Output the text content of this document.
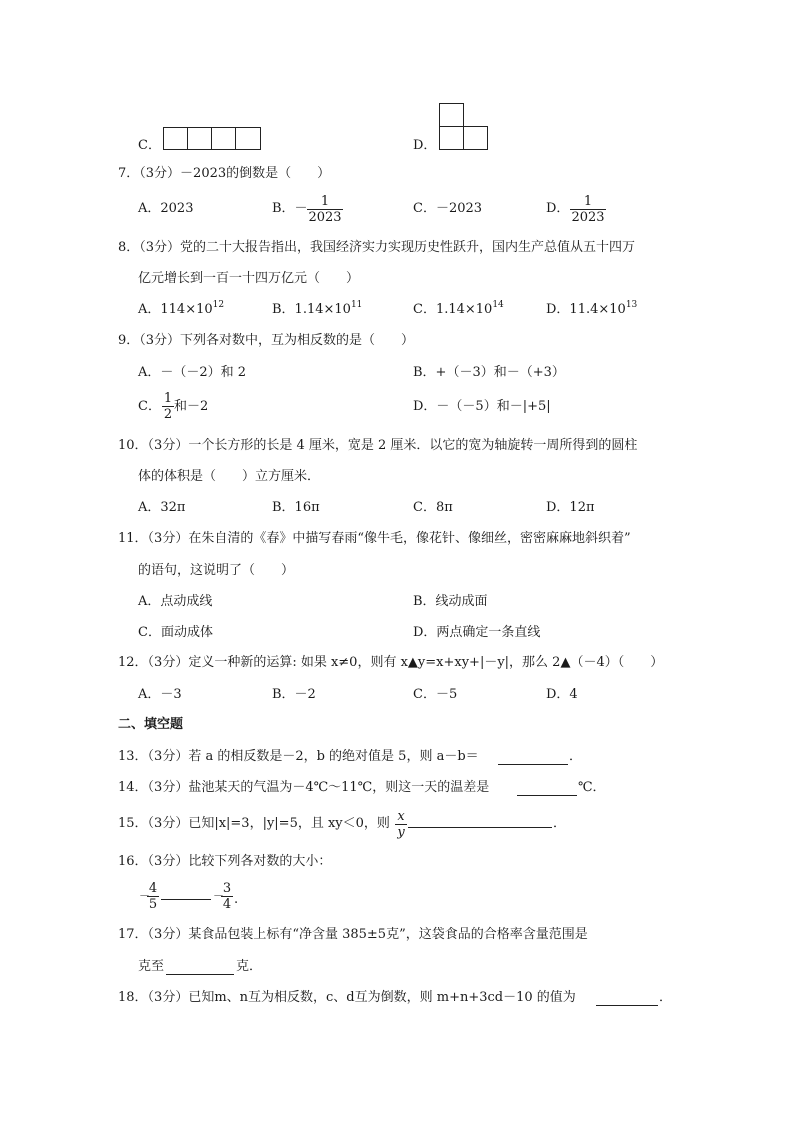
C．	D．
7．（3分）－2023的倒数是（　　）
A．2023	B．－	1
2023
C．－2023	D．	1
2023
8．（3分）党的二十大报告指出，我国经济实力实现历史性跃升，国内生产总值从五十四万
亿元增长到一百一十四万亿元（　　）
A．$114\times 10^{12}$	B．$1.14\times 10^{11}$	C．$1.14\times 10^{14}$	D．$11.4\times 10^{13}$
9．（3分）下列各对数中，互为相反数的是（　　）
A．－（－2）和 2	B．+（－3）和－（+3）
C．
1
2
和－2	D．－（－5）和－|+5|
10．（3分）一个长方形的长是 4 厘米，宽是 2 厘米．以它的宽为轴旋转一周所得到的圆柱
体的体积是（　　）立方厘米．
A．32π	B．16π	C．8π	D．12π
11．（3分）在朱自清的《春》中描写春雨“像牛毛，像花针、像细丝，密密麻麻地斜织着”
的语句，这说明了（　　）
A．点动成线	B．线动成面
C．面动成体	D．两点确定一条直线
12．（3分）定义一种新的运算: 如果 x≠0，则有 x▲y=x+xy+|－y|，那么 2▲（－4）（　　）
A．－3	B．－2	C．－5	D．4
二、填空题
13．（3分）若 a 的相反数是－2，b 的绝对值是 5，则 a－b＝	．
14．（3分）盐池某天的气温为－4℃～11℃，则这一天的温差是	℃．
15．（3分）已知|x|=3，|y|=5，且 xy＜0，则 x
y
．
16．（3分）比较下列各对数的大小：
－
4
5
－
3
4 .
17．（3分）某食品包装上标有“净含量 385±5克”，这袋食品的合格率含量范围是
克至	克．
18．（3分）已知m、n互为相反数，c、d互为倒数，则 m+n+3cd－10 的值为	．
